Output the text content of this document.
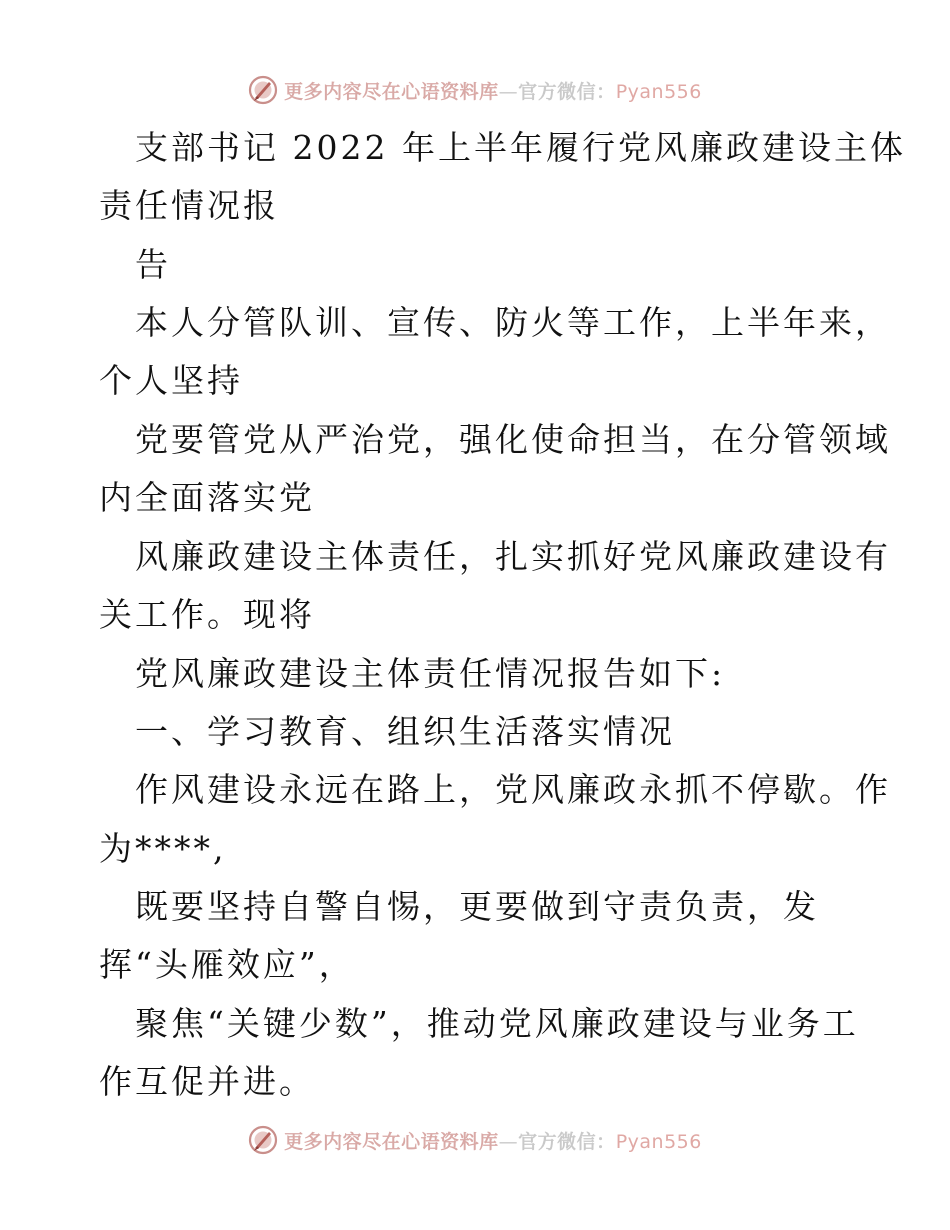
更多内容尽在心语资料库—官方微信：Pyan556
支部书记 2022 年上半年履行党风廉政建设主体
责任情况报
告
本人分管队训、宣传、防火等工作，上半年来，
个人坚持
党要管党从严治党，强化使命担当，在分管领域
内全面落实党
风廉政建设主体责任，扎实抓好党风廉政建设有
关工作。现将
党风廉政建设主体责任情况报告如下:
一、学习教育、组织生活落实情况
作风建设永远在路上，党风廉政永抓不停歇。作
为****,
既要坚持自警自惕，更要做到守责负责，发
挥“头雁效应”，
聚焦“关键少数”，推动党风廉政建设与业务工
作互促并进。
更多内容尽在心语资料库—官方微信：Pyan556
